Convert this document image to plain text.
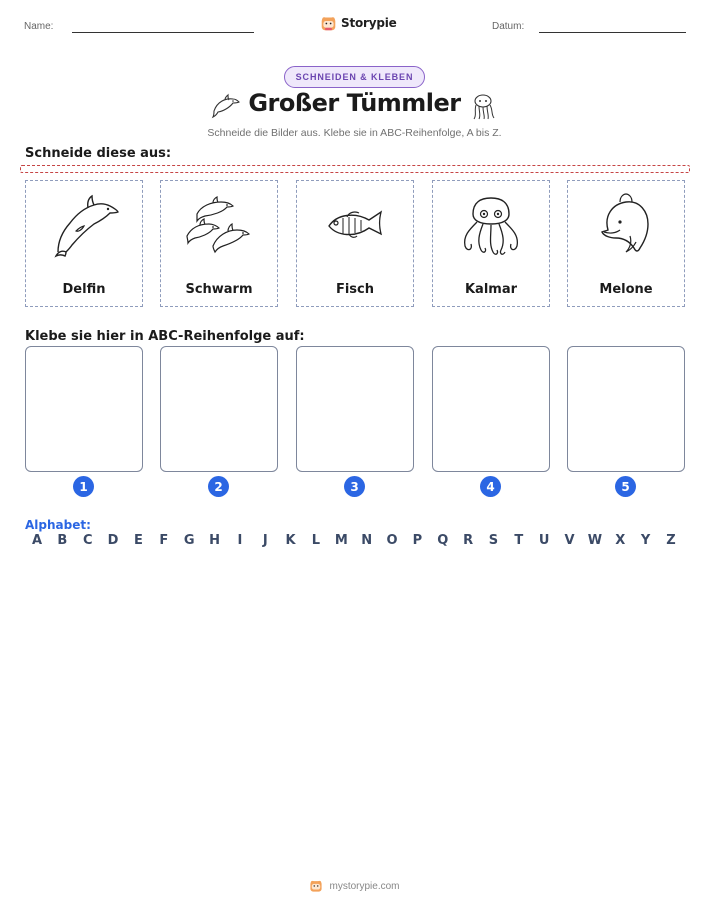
Name:	Storypie	Datum:
SCHNEIDEN & KLEBEN
Großer Tümmler
Schneide die Bilder aus. Klebe sie in ABC-Reihenfolge, A bis Z.
Schneide diese aus:
Delfin	Schwarm	Fisch	Kalmar	Melone
Klebe sie hier in ABC-Reihenfolge auf:
1	2	3	4	5
Alphabet:
A	B	C	D	E	F	G	H	I	J	K	L	M	N	O	P	Q	R	S	T	U	V	W	X	Y	Z
mystorypie.com
